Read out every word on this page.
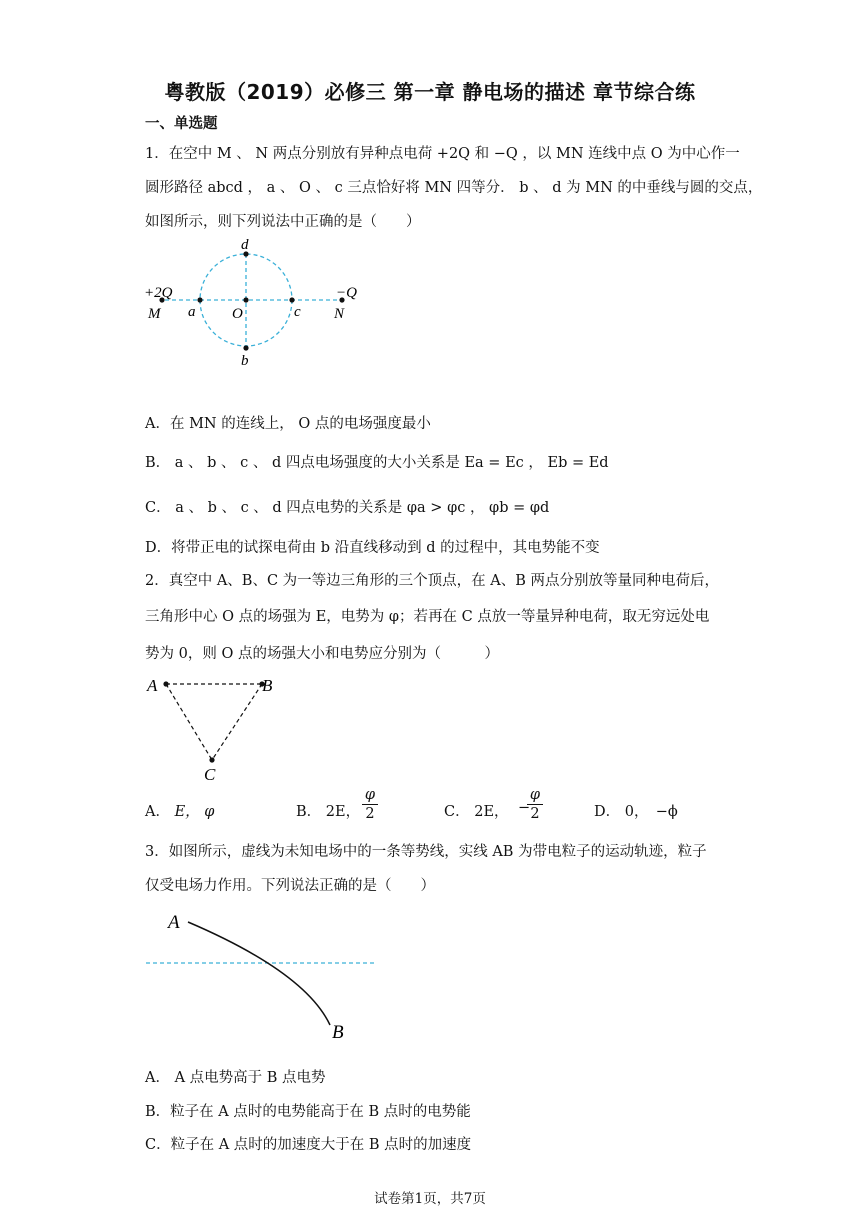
粤教版（2019）必修三 第一章 静电场的描述 章节综合练
一、单选题
1．在空中 M 、 N 两点分别放有异种点电荷 +2Q 和 −Q ，以 MN 连线中点 O 为中心作一
圆形路径 abcd ， a 、 O 、 c 三点恰好将 MN 四等分． b 、 d 为 MN 的中垂线与圆的交点，
如图所示，则下列说法中正确的是（　　）
+2Q
M a O	c
−Q
N
d
b
A．在 MN 的连线上， O 点的电场强度最小
B． a 、 b 、 c 、 d 四点电场强度的大小关系是 Ea = Ec ， Eb = Ed
C． a 、 b 、 c 、 d 四点电势的关系是 φa > φc ， φb = φd
D．将带正电的试探电荷由 b 沿直线移动到 d 的过程中，其电势能不变
2．真空中 A、B、C 为一等边三角形的三个顶点，在 A、B 两点分别放等量同种电荷后，
三角形中心 O 点的场强为 E，电势为 φ；若再在 C 点放一等量异种电荷，取无穷远处电
势为 0，则 O 点的场强大小和电势应分别为（　　　）
A	B
C
A． E， φ	B． 2E， $\frac{\varphi}{2}$	C． 2E， −
$\frac{\varphi}{2}$	D． 0，　−ϕ
3．如图所示，虚线为未知电场中的一条等势线，实线 AB 为带电粒子的运动轨迹，粒子
仅受电场力作用。下列说法正确的是（　　）
A
B
A． A 点电势高于 B 点电势
B．粒子在 A 点时的电势能高于在 B 点时的电势能
C．粒子在 A 点时的加速度大于在 B 点时的加速度
试卷第1页，共7页
